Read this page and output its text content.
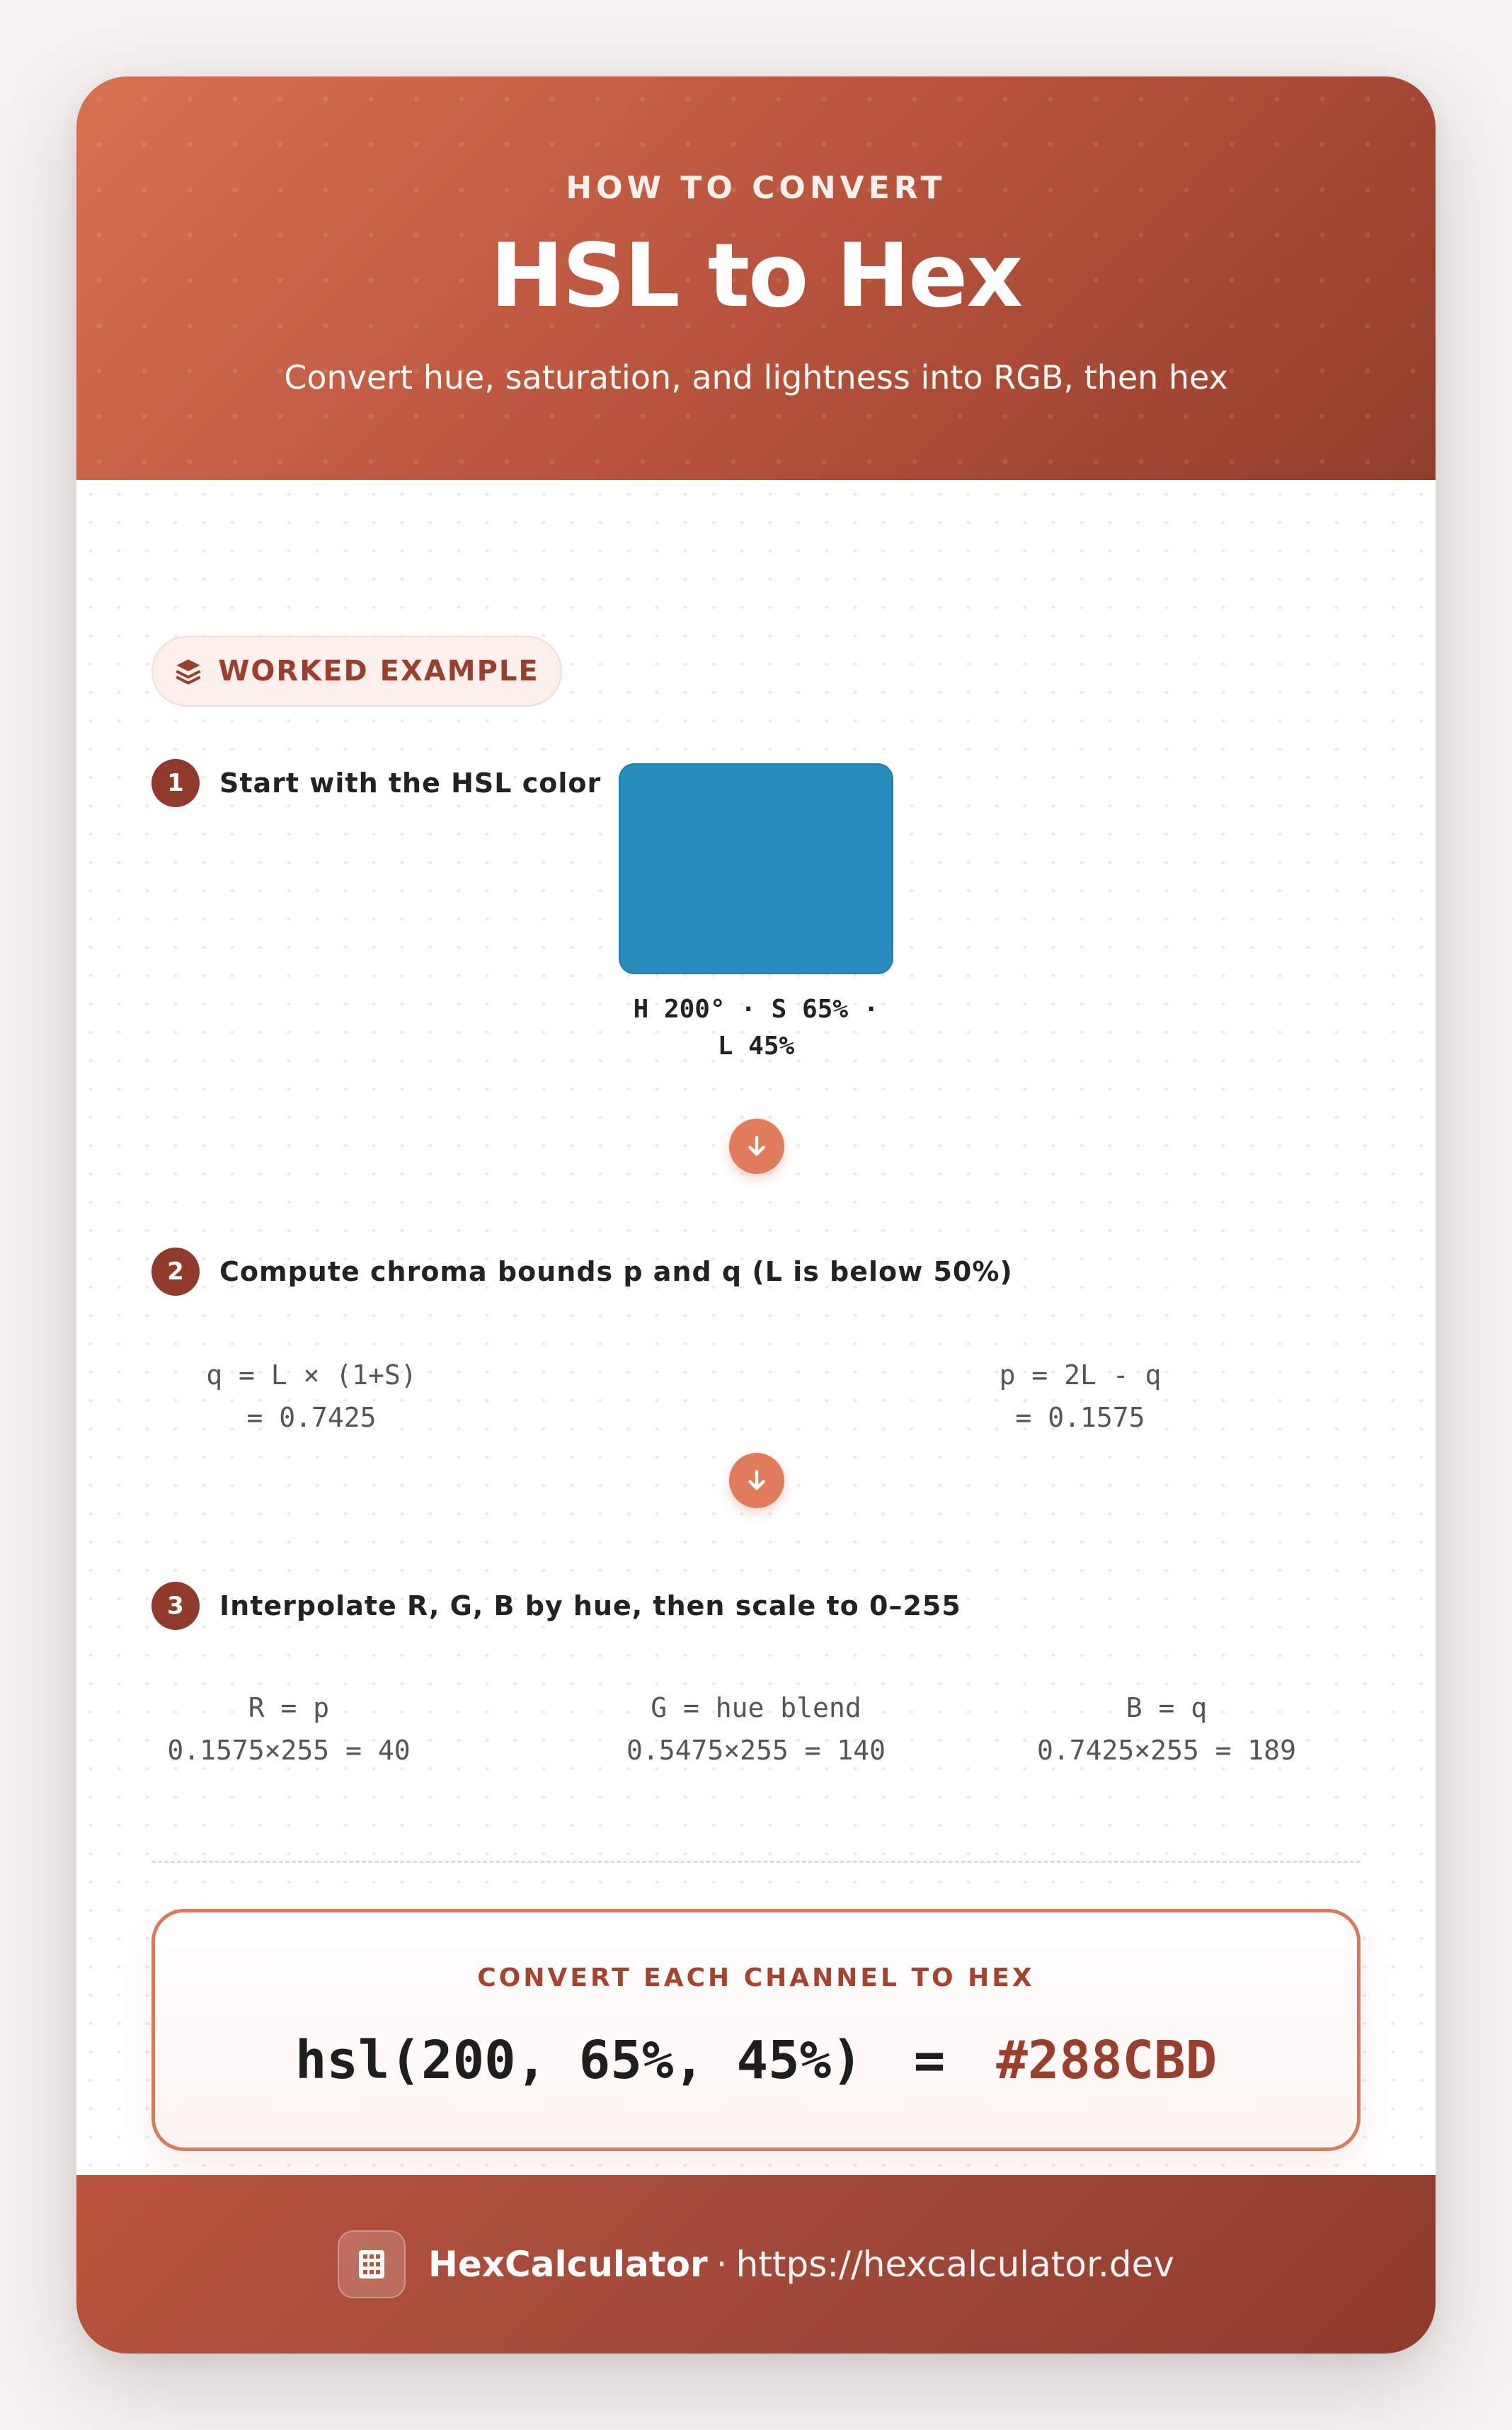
HOW TO CONVERT
HSL to Hex
Convert hue, saturation, and lightness into RGB, then hex
WORKED EXAMPLE
1	Start with the HSL color
H 200° · S 65% ·
L 45%
2	Compute chroma bounds p and q (L is below 50%)
q = L × (1+S)
= 0.7425
p = 2L - q
= 0.1575
3	Interpolate R, G, B by hue, then scale to 0–255
R = p
0.1575×255 = 40
G = hue blend
0.5475×255 = 140
B = q
0.7425×255 = 189
CONVERT EACH CHANNEL TO HEX
hsl(200, 65%, 45%) = #288CBD
HexCalculator · https://hexcalculator.dev
